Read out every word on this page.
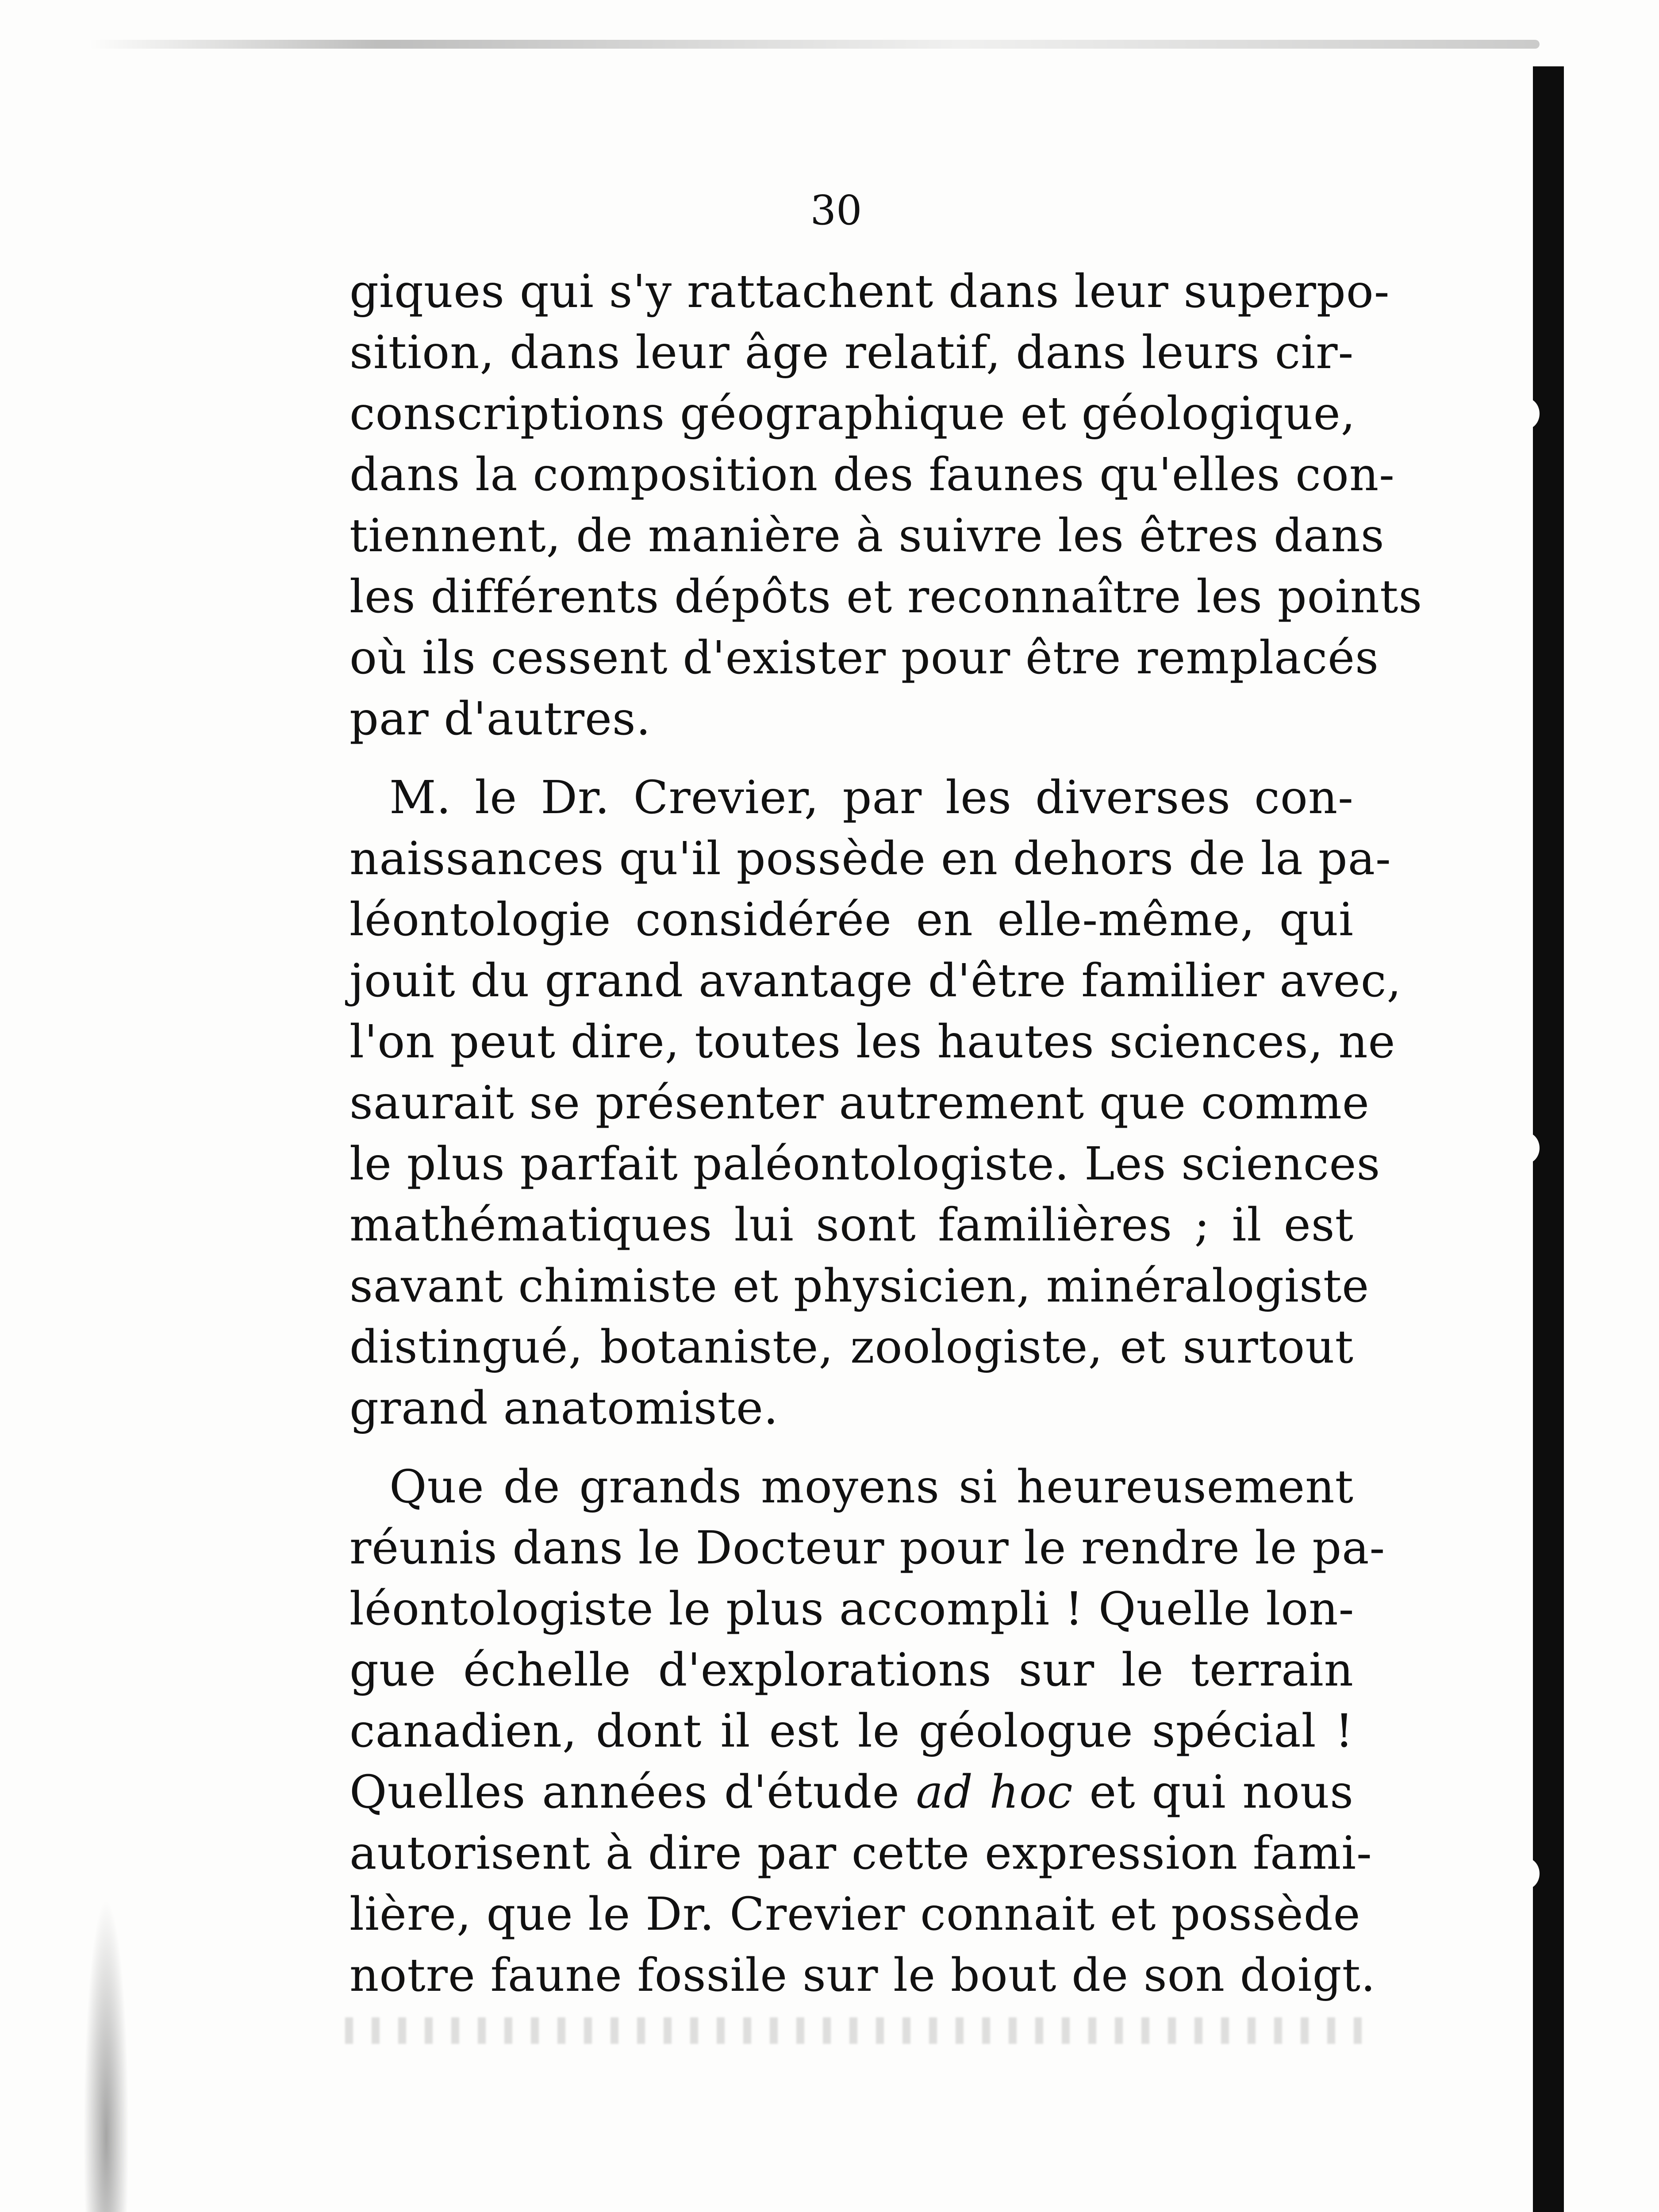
30
giques qui s'y rattachent dans leur superpo-
sition, dans leur âge relatif, dans leurs cir-
conscriptions géographique et géologique,
dans la composition des faunes qu'elles con-
tiennent, de manière à suivre les êtres dans
les différents dépôts et reconnaître les points
où ils cessent d'exister pour être remplacés
par d'autres.
M. le Dr. Crevier, par les diverses con-
naissances qu'il possède en dehors de la pa-
léontologie considérée en elle-même, qui
jouit du grand avantage d'être familier avec,
l'on peut dire, toutes les hautes sciences, ne
saurait se présenter autrement que comme
le plus parfait paléontologiste. Les sciences
mathématiques lui sont familières ; il est
savant chimiste et physicien, minéralogiste
distingué, botaniste, zoologiste, et surtout
grand anatomiste.
Que de grands moyens si heureusement
réunis dans le Docteur pour le rendre le pa-
léontologiste le plus accompli ! Quelle lon-
gue échelle d'explorations sur le terrain
canadien, dont il est le géologue spécial !
Quelles années d'étude ad hoc et qui nous
autorisent à dire par cette expression fami-
lière, que le Dr. Crevier connait et possède
notre faune fossile sur le bout de son doigt.
